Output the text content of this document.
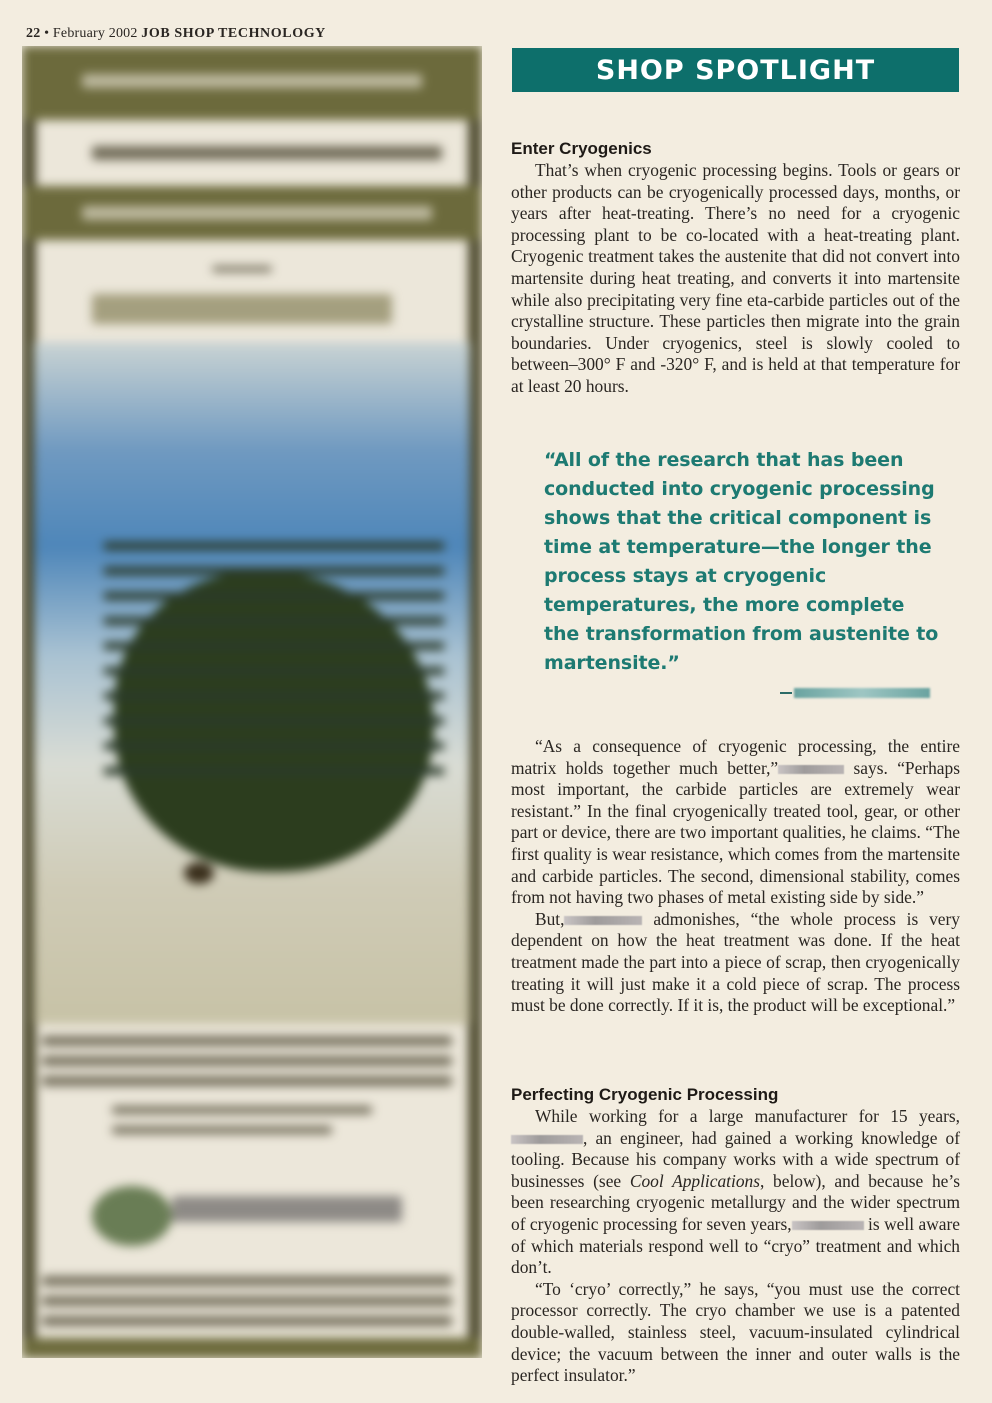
22 • February 2002 JOB SHOP TECHNOLOGY
SHOP SPOTLIGHT
Enter Cryogenics

That’s when cryogenic processing begins. Tools or gears or other products can be cryogenically processed days, months, or years after heat-treating. There’s no need for a cryogenic processing plant to be co-located with a heat-treating plant. Cryogenic treatment takes the austenite that did not convert into martensite during heat treating, and converts it into martensite while also precipitating very fine eta-carbide particles out of the crystalline structure. These particles then migrate into the grain boundaries. Under cryogenics, steel is slowly cooled to between–300° F and -320° F, and is held at that temperature for at least 20 hours.

“All of the research that has been conducted into cryogenic processing shows that the critical component is time at temperature—the longer the process stays at cryogenic temperatures, the more complete the transformation from austenite to martensite.”

“As a consequence of cryogenic processing, the entire matrix holds together much better,”	says. “Perhaps most important, the carbide particles are extremely wear resistant.” In the final cryogenically treated tool, gear, or other part or device, there are two important qualities, he claims. “The first quality is wear resistance, which comes from the martensite and carbide particles. The second, dimensional stability, comes from not having two phases of metal existing side by side.”

But,	admonishes, “the whole process is very dependent on how the heat treatment was done. If the heat treatment made the part into a piece of scrap, then cryogenically treating it will just make it a cold piece of scrap. The process must be done correctly. If it is, the product will be exceptional.”

Perfecting Cryogenic Processing

While working for a large manufacturer for 15 years, , an engineer, had gained a working knowledge of tooling. Because his company works with a wide spectrum of businesses (see Cool Applications, below), and because he’s been researching cryogenic metallurgy and the wider spectrum of cryogenic processing for seven years,	is well aware of which materials respond well to “cryo” treatment and which don’t.

“To ‘cryo’ correctly,” he says, “you must use the correct processor correctly. The cryo chamber we use is a patented double-walled, stainless steel, vacuum-insulated cylindrical device; the vacuum between the inner and outer walls is the perfect insulator.”
